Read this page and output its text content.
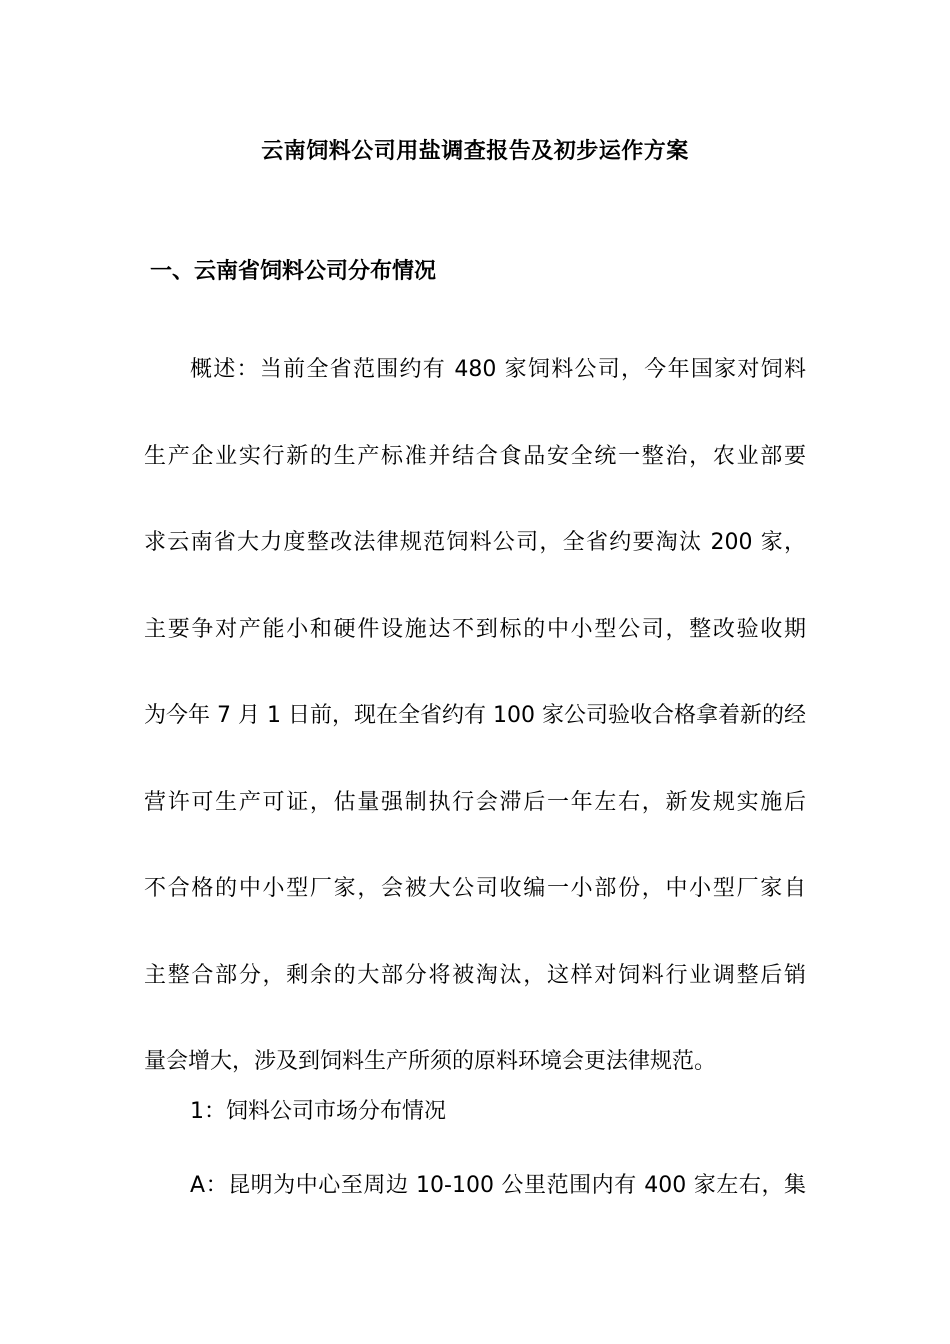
云南饲料公司用盐调查报告及初步运作方案
一、云南省饲料公司分布情况

概述：当前全省范围约有 480 家饲料公司，今年国家对饲料
生产企业实行新的生产标准并结合食品安全统一整治，农业部要
求云南省大力度整改法律规范饲料公司，全省约要淘汰 200 家，
主要争对产能小和硬件设施达不到标的中小型公司，整改验收期
为今年 7 月 1 日前，现在全省约有 100 家公司验收合格拿着新的经
营许可生产可证，估量强制执行会滞后一年左右，新发规实施后
不合格的中小型厂家，会被大公司收编一小部份，中小型厂家自
主整合部分，剩余的大部分将被淘汰，这样对饲料行业调整后销
量会增大，涉及到饲料生产所须的原料环境会更法律规范。

1：饲料公司市场分布情况
A：昆明为中心至周边 10-100 公里范围内有 400 家左右，集
